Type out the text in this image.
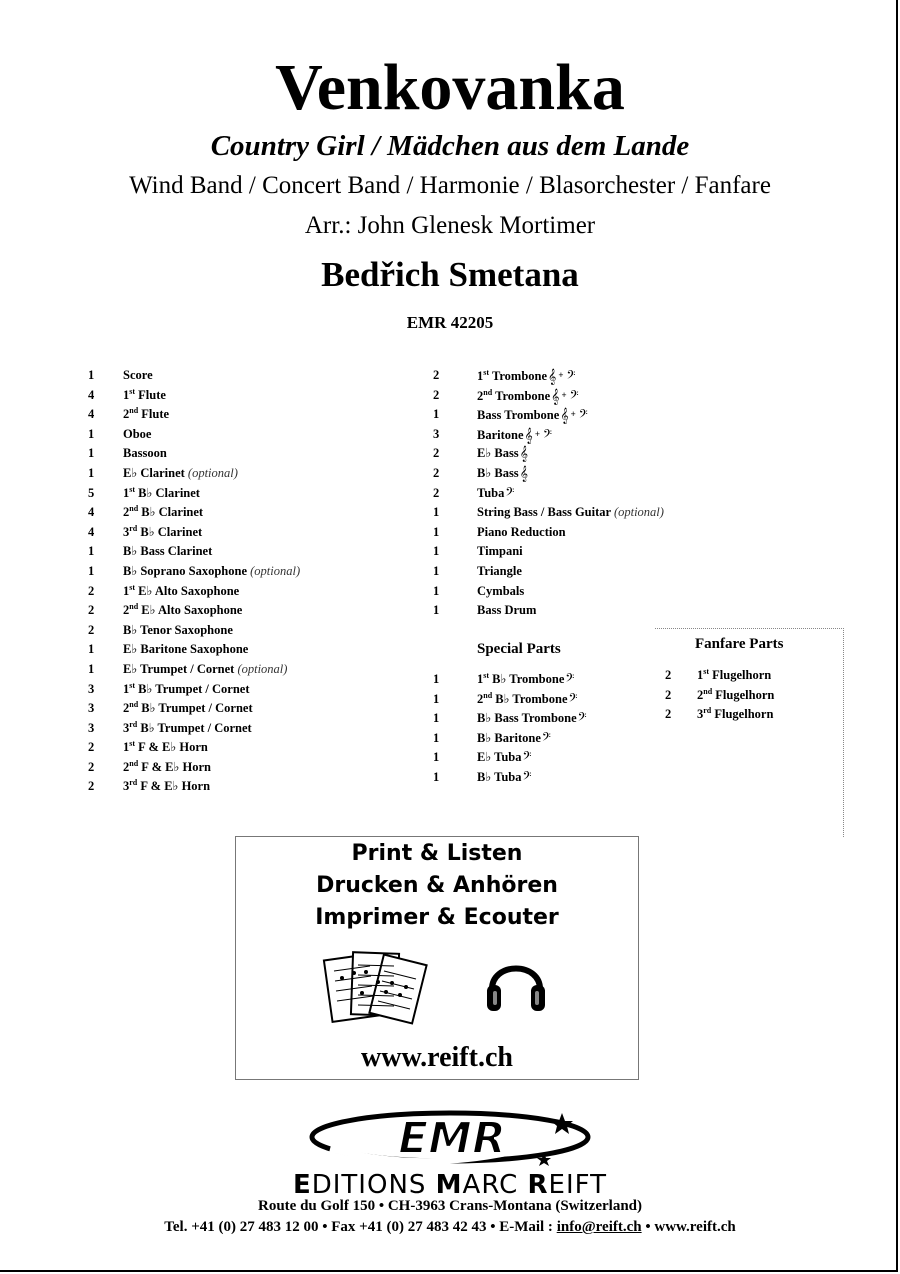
Venkovanka
Country Girl / Mädchen aus dem Lande
Wind Band / Concert Band / Harmonie / Blasorchester / Fanfare
Arr.: John Glenesk Mortimer
Bedřich Smetana
EMR 42205
1	Score
4	1st Flute
4	2nd Flute
1	Oboe
1	Bassoon
1	E♭ Clarinet (optional)
5	1st B♭ Clarinet
4	2nd B♭ Clarinet
4	3rd B♭ Clarinet
1	B♭ Bass Clarinet
1	B♭ Soprano Saxophone (optional)
2	1st E♭ Alto Saxophone
2	2nd E♭ Alto Saxophone
2	B♭ Tenor Saxophone
1	E♭ Baritone Saxophone
1	E♭ Trumpet / Cornet (optional)
3	1st B♭ Trumpet / Cornet
3	2nd B♭ Trumpet / Cornet
3	3rd B♭ Trumpet / Cornet
2	1st F & E♭ Horn
2	2nd F & E♭ Horn
2	3rd F & E♭ Horn
2	1st Trombone𝄞 + 𝄢
2	2nd Trombone𝄞 + 𝄢
1	Bass Trombone𝄞 + 𝄢
3	Baritone𝄞 + 𝄢
2	E♭ Bass𝄞
2	B♭ Bass𝄞
2	Tuba𝄢
1	String Bass / Bass Guitar (optional)
1	Piano Reduction
1	Timpani
1	Triangle
1	Cymbals
1	Bass Drum
Special Parts
1	1st B♭ Trombone𝄢
1	2nd B♭ Trombone𝄢
1	B♭ Bass Trombone𝄢
1	B♭ Baritone𝄢
1	E♭ Tuba𝄢
1	B♭ Tuba𝄢
Fanfare Parts
2	1st Flugelhorn
2	2nd Flugelhorn
2	3rd Flugelhorn
Print & Listen
Drucken & Anhören
Imprimer & Ecouter
www.reift.ch
EMR
EDITIONS MARC REIFT
Route du Golf 150 • CH-3963 Crans-Montana (Switzerland)
Tel. +41 (0) 27 483 12 00 • Fax +41 (0) 27 483 42 43 • E-Mail : info@reift.ch • www.reift.ch
